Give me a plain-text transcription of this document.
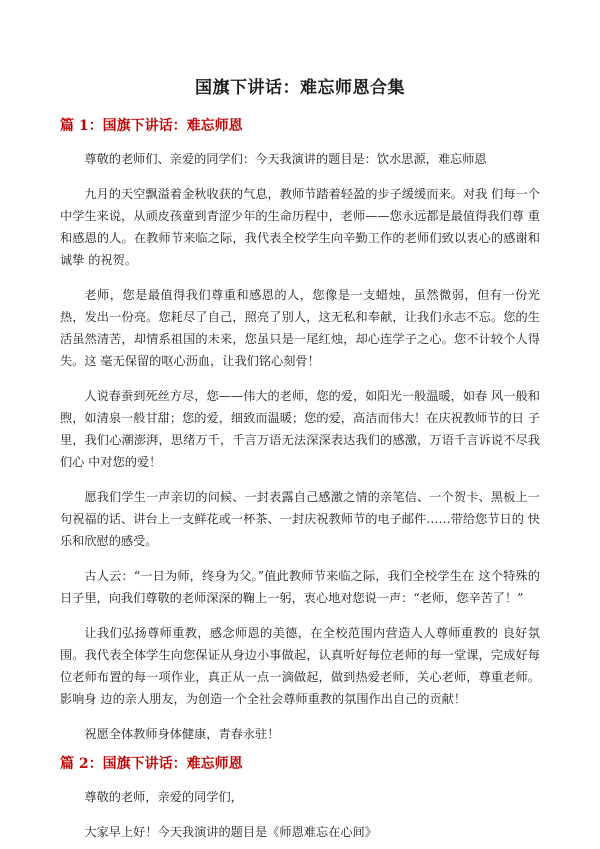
国旗下讲话：难忘师恩合集
篇 1：国旗下讲话：难忘师恩

尊敬的老师们、亲爱的同学们：今天我演讲的题目是：饮水思源，难忘师恩

九月的天空飘溢着金秋收获的气息，教师节踏着轻盈的步子缓缓而来。对我 们每一个中学生来说，从顽皮孩童到青涩少年的生命历程中，老师——您永远都是最值得我们尊 重和感恩的人。在教师节来临之际，我代表全校学生向辛勤工作的老师们致以衷心的感谢和诚挚 的祝贺。

老师，您是最值得我们尊重和感恩的人，您像是一支蜡烛，虽然微弱，但有一份光热，发出一份亮。您耗尽了自己，照亮了别人，这无私和奉献，让我们永志不忘。您的生 活虽然清苦，却情系祖国的未来，您虽只是一尾红烛，却心连学子之心。您不计较个人得失。这 毫无保留的呕心沥血，让我们铭心刻骨！

人说春蚕到死丝方尽，您——伟大的老师，您的爱，如阳光一般温暖，如春 风一般和煦，如清泉一般甘甜；您的爱，细致而温暖；您的爱，高洁而伟大！在庆祝教师节的日 子里，我们心潮澎湃，思绪万千，千言万语无法深深表达我们的感激，万语千言诉说不尽我们心 中对您的爱！

愿我们学生一声亲切的问候、一封表露自己感激之情的亲笔信、一个贺卡、黑板上一句祝福的话、讲台上一支鲜花或一杯茶、一封庆祝教师节的电子邮件……带给您节日的 快乐和欣慰的感受。

古人云：“一日为师，终身为父。”值此教师节来临之际，我们全校学生在 这个特殊的日子里，向我们尊敬的老师深深的鞠上一躬，衷心地对您说一声：“老师，您辛苦了！”

让我们弘扬尊师重教，感念师恩的美德，在全校范围内营造人人尊师重教的 良好氛围。我代表全体学生向您保证从身边小事做起，认真听好每位老师的每一堂课，完成好每 位老师布置的每一项作业，真正从一点一滴做起，做到热爱老师，关心老师，尊重老师。影响身 边的亲人朋友，为创造一个全社会尊师重教的氛围作出自己的贡献！

祝愿全体教师身体健康，青春永驻！

篇 2：国旗下讲话：难忘师恩

尊敬的老师，亲爱的同学们，

大家早上好！今天我演讲的题目是《师恩难忘在心间》
